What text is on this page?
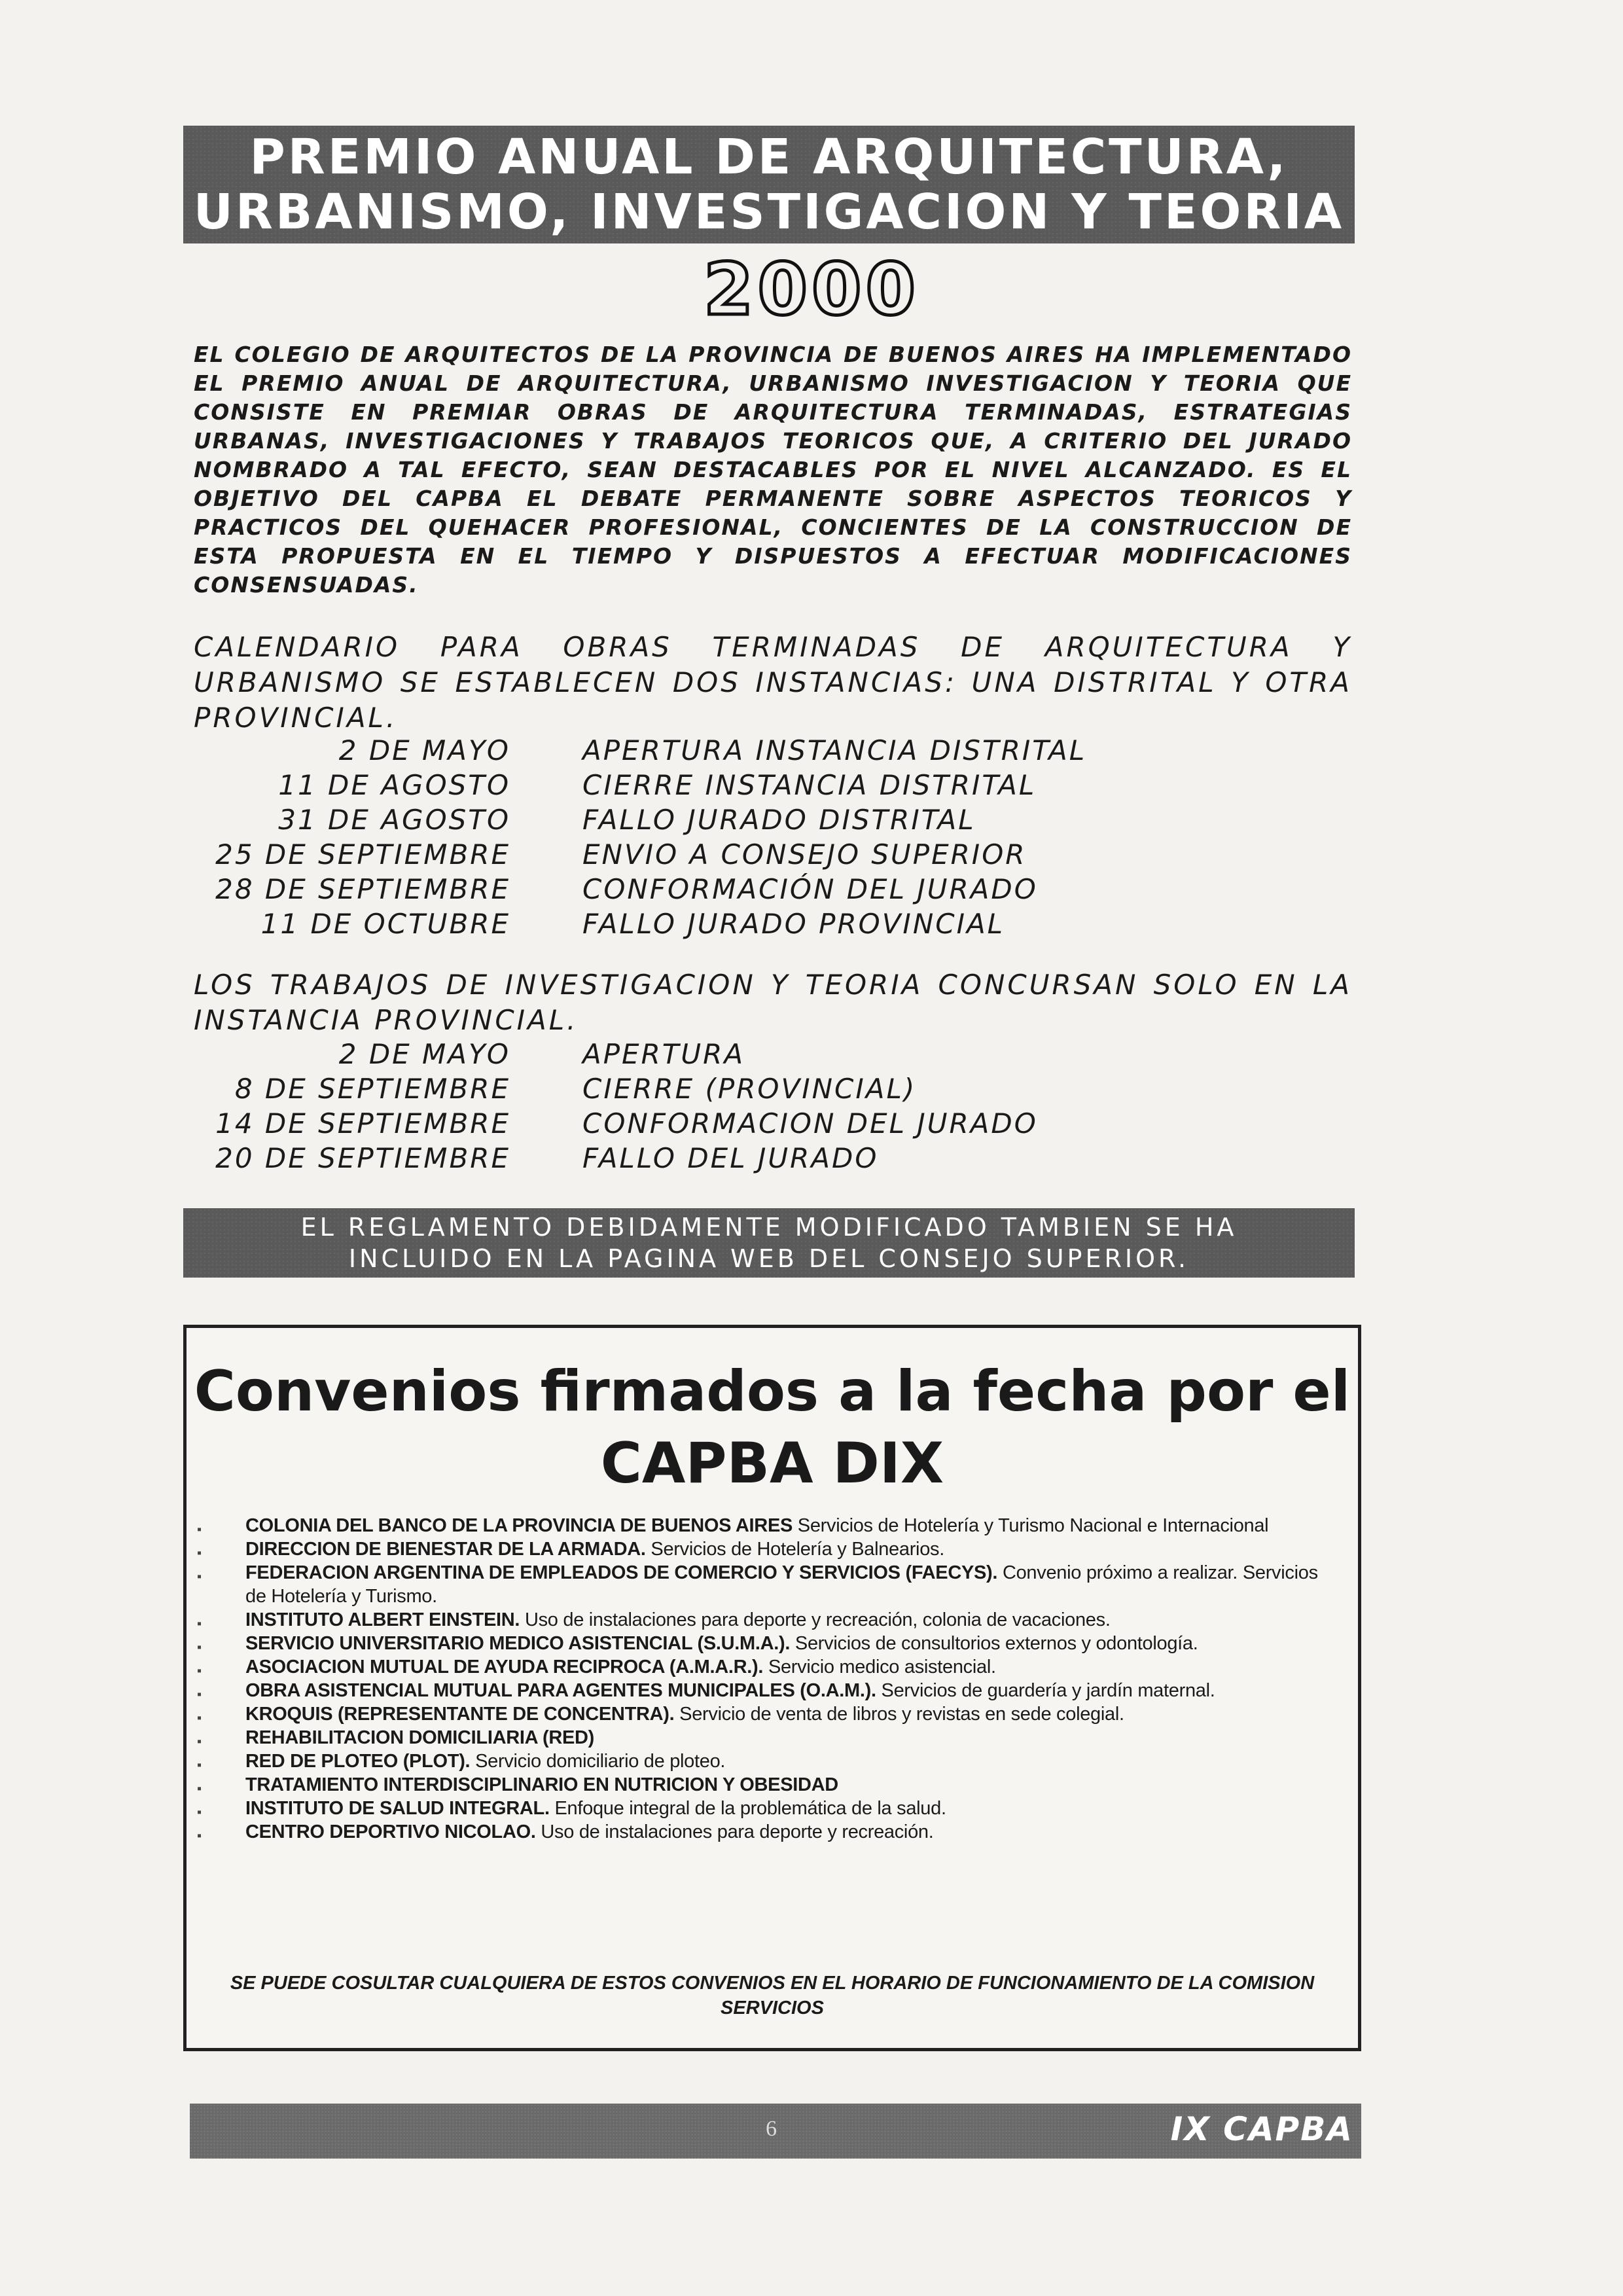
PREMIO ANUAL DE ARQUITECTURA,
URBANISMO, INVESTIGACION Y TEORIA
2000

EL COLEGIO DE ARQUITECTOS DE LA PROVINCIA DE BUENOS AIRES HA IMPLEMENTADO EL PREMIO ANUAL DE ARQUITECTURA, URBANISMO INVESTIGACION Y TEORIA QUE CONSISTE EN PREMIAR OBRAS DE ARQUITECTURA TERMINADAS, ESTRATEGIAS URBANAS, INVESTIGACIONES Y TRABAJOS TEORICOS QUE, A CRITERIO DEL JURADO NOMBRADO A TAL EFECTO, SEAN DESTACABLES POR EL NIVEL ALCANZADO. ES EL OBJETIVO DEL CAPBA EL DEBATE PERMANENTE SOBRE ASPECTOS TEORICOS Y PRACTICOS DEL QUEHACER PROFESIONAL, CONCIENTES DE LA CONSTRUCCION DE ESTA PROPUESTA EN EL TIEMPO Y DISPUESTOS A EFECTUAR MODIFICACIONES CONSENSUADAS.

CALENDARIO PARA OBRAS TERMINADAS DE ARQUITECTURA Y URBANISMO SE ESTABLECEN DOS INSTANCIAS: UNA DISTRITAL Y OTRA PROVINCIAL.

2 DE MAYO	APERTURA INSTANCIA DISTRITAL
11 DE AGOSTO	CIERRE INSTANCIA DISTRITAL
31 DE AGOSTO	FALLO JURADO DISTRITAL
25 DE SEPTIEMBRE	ENVIO A CONSEJO SUPERIOR
28 DE SEPTIEMBRE	CONFORMACIÓN DEL JURADO
11 DE OCTUBRE	FALLO JURADO PROVINCIAL

LOS TRABAJOS DE INVESTIGACION Y TEORIA CONCURSAN SOLO EN LA INSTANCIA PROVINCIAL.

2 DE MAYO	APERTURA
8 DE SEPTIEMBRE	CIERRE (PROVINCIAL)
14 DE SEPTIEMBRE	CONFORMACION DEL JURADO
20 DE SEPTIEMBRE	FALLO DEL JURADO
EL REGLAMENTO DEBIDAMENTE MODIFICADO TAMBIEN SE HA
INCLUIDO EN LA PAGINA WEB DEL CONSEJO SUPERIOR.
Convenios firmados a la fecha por el
CAPBA DIX
▪ COLONIA DEL BANCO DE LA PROVINCIA DE BUENOS AIRES Servicios de Hotelería y Turismo Nacional e Internacional
▪ DIRECCION DE BIENESTAR DE LA ARMADA. Servicios de Hotelería y Balnearios.
▪ FEDERACION ARGENTINA DE EMPLEADOS DE COMERCIO Y SERVICIOS (FAECYS). Convenio próximo a realizar. Servicios de Hotelería y Turismo.
▪ INSTITUTO ALBERT EINSTEIN. Uso de instalaciones para deporte y recreación, colonia de vacaciones.
▪ SERVICIO UNIVERSITARIO MEDICO ASISTENCIAL (S.U.M.A.). Servicios de consultorios externos y odontología.
▪ ASOCIACION MUTUAL DE AYUDA RECIPROCA (A.M.A.R.). Servicio medico asistencial.
▪ OBRA ASISTENCIAL MUTUAL PARA AGENTES MUNICIPALES (O.A.M.). Servicios de guardería y jardín maternal.
▪ KROQUIS (REPRESENTANTE DE CONCENTRA). Servicio de venta de libros y revistas en sede colegial.
▪ REHABILITACION DOMICILIARIA (RED)
▪ RED DE PLOTEO (PLOT). Servicio domiciliario de ploteo.
▪ TRATAMIENTO INTERDISCIPLINARIO EN NUTRICION Y OBESIDAD
▪ INSTITUTO DE SALUD INTEGRAL. Enfoque integral de la problemática de la salud.
▪ CENTRO DEPORTIVO NICOLAO. Uso de instalaciones para deporte y recreación.
SE PUEDE COSULTAR CUALQUIERA DE ESTOS CONVENIOS EN EL HORARIO DE FUNCIONAMIENTO DE LA COMISION SERVICIOS
6	IX CAPBA
